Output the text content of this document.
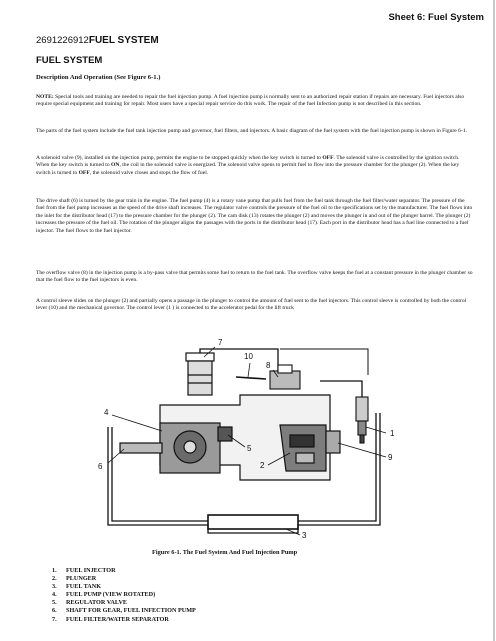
Sheet 6: Fuel System
2691226912FUEL SYSTEM
FUEL SYSTEM
Description And Operation (See Figure 6-1.)

NOTE: Special tools and training are needed to repair the fuel injection pump. A fuel injection pump is normally sent to an authorized repair station if repairs are necessary. Fuel injectors also require special equipment and training for repair. Most users have a special repair service do this work. The repair of the fuel Infection pump is not described in this section.

The parts of the fuel system include the fuel tank injection pump and governor, fuel filters, and injectors. A basic diagram of the fuel system with the fuel injection pump is shown in Figure 6-1.

A solenoid valve (9), installed on the injection pump, permits the engine to be stopped quickly when the key switch is turned to OFF. The solenoid valve is controlled by the ignition switch. When the key switch is turned to ON, the coil in the solenoid valve is energized. The solenoid valve opens to permit fuel to flow into the pressure chamber for the plunger (2). When the key switch is turned to OFF, the solenoid valve closes and stops the flow of fuel.

The drive shaft (6) is turned by the gear train in the engine. The fuel pump (4) is a rotary vane pump that pulls fuel from the fuel tank through the fuel filter/water separator. The pressure of the fuel from the fuel pump increases as the speed of the drive shaft increases. The regulator valve controls the pressure of the fuel oil to the specifications set by the manufacturer. The fuel flows into the inlet for the distributor head (17) to the pressure chamber for the plunger (2). The cam disk (13) rotates the plunger (2) and moves the plunger in and out of the plunger barrel. The plunger (2) increases the pressure of the fuel oil. The rotation of the plunger aligns the passages with the ports in the distributor head (17). Each port in the distributor head has a fuel line connected to a fuel injector. The fuel flows to the fuel injector.

The overflow valve (8) in the injection pump is a by-pass valve that permits some fuel to return to the fuel tank. The overflow valve keeps the fuel at a constant pressure in the plunger chamber so that the fuel flow to the fuel injectors is even.

A control sleeve slides on the plunger (2) and partially opens a passage in the plunger to control the amount of fuel sent to the fuel injectors. This control sleeve is controlled by both the control lever (10) and the mechanical governor. The control lever (1 ) is connected to the accelerator pedal for the lift truck

1
2
3
4
5
6
7
8
9
10
Figure 6-1. The Fuel System And Fuel Injection Pump
1.	FUEL INJECTOR
2.	PLUNGER
3.	FUEL TANK
4.	FUEL PUMP (VIEW ROTATED)
5.	REGULATOR VALVE
6.	SHAFT FOR GEAR, FUEL INFECTION PUMP
7.	FUEL FILTER/WATER SEPARATOR
